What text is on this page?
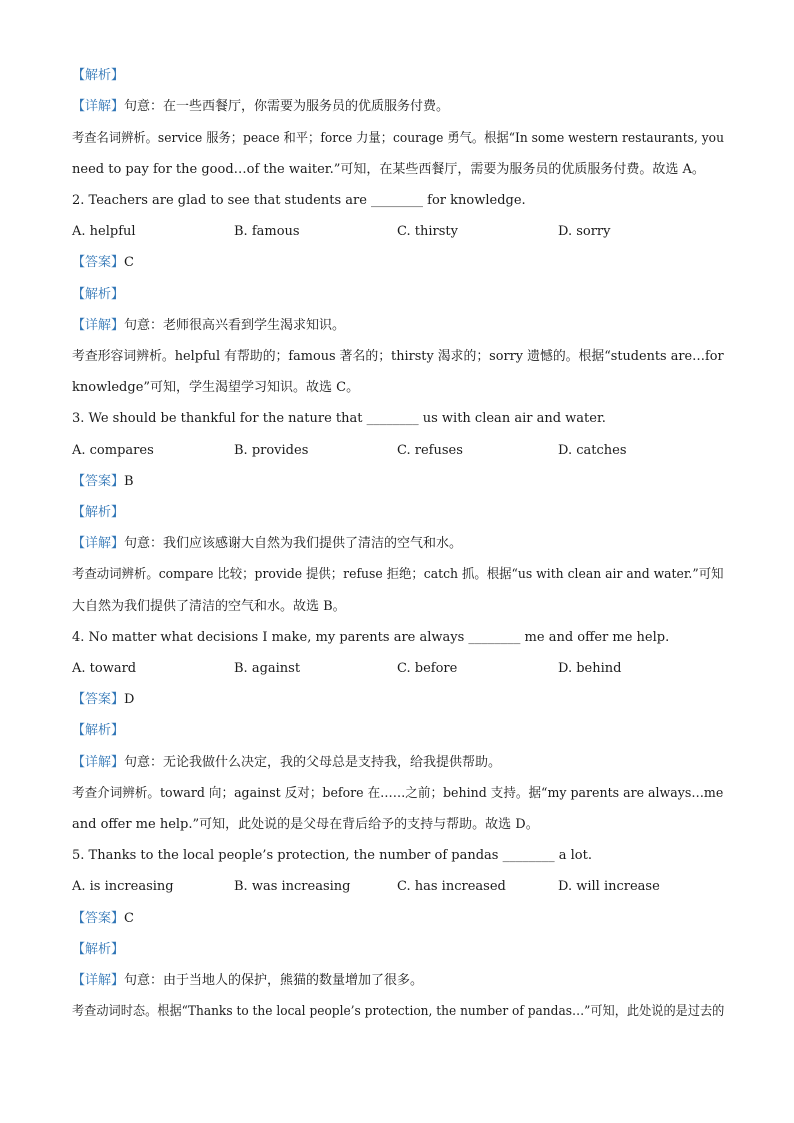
【解析】
【详解】句意：在一些西餐厅，你需要为服务员的优质服务付费。
考查名词辨析。service 服务；peace 和平；force 力量；courage 勇气。根据“In some western restaurants, you
need to pay for the good…of the waiter.”可知，在某些西餐厅，需要为服务员的优质服务付费。故选 A。
2. Teachers are glad to see that students are ________ for knowledge.
A. helpful	B. famous	C. thirsty	D. sorry
【答案】C
【解析】
【详解】句意：老师很高兴看到学生渴求知识。
考查形容词辨析。helpful 有帮助的；famous 著名的；thirsty 渴求的；sorry 遗憾的。根据“students are…for
knowledge”可知，学生渴望学习知识。故选 C。
3. We should be thankful for the nature that ________ us with clean air and water.
A. compares	B. provides	C. refuses	D. catches
【答案】B
【解析】
【详解】句意：我们应该感谢大自然为我们提供了清洁的空气和水。
考查动词辨析。compare 比较；provide 提供；refuse 拒绝；catch 抓。根据“us with clean air and water.”可知
大自然为我们提供了清洁的空气和水。故选 B。
4. No matter what decisions I make, my parents are always ________ me and offer me help.
A. toward	B. against	C. before	D. behind
【答案】D
【解析】
【详解】句意：无论我做什么决定，我的父母总是支持我，给我提供帮助。
考查介词辨析。toward 向；against 反对；before 在……之前；behind 支持。据“my parents are always…me
and offer me help.”可知，此处说的是父母在背后给予的支持与帮助。故选 D。
5. Thanks to the local people’s protection, the number of pandas ________ a lot.
A. is increasing	B. was increasing	C. has increased	D. will increase
【答案】C
【解析】
【详解】句意：由于当地人的保护，熊猫的数量增加了很多。
考查动词时态。根据“Thanks to the local people’s protection, the number of pandas…”可知，此处说的是过去的
